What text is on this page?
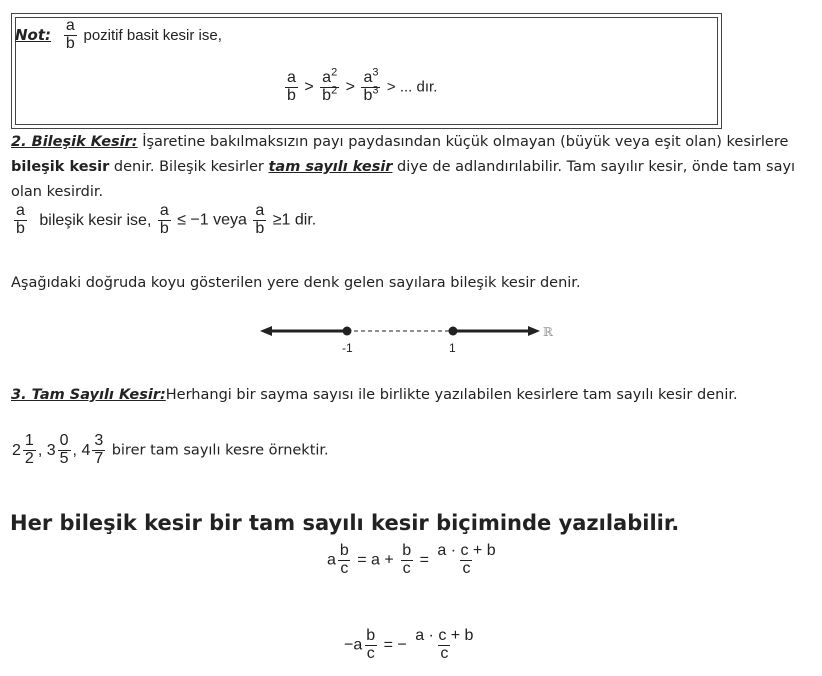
Not: $\frac{a}{b}$ pozitif basit kesir ise,
$\frac{a}{b} > \frac{a^2}{b^2} > \frac{a^3}{b^3}$ > ... dır.
2. Bileşik Kesir: İşaretine bakılmaksızın payı paydasından küçük olmayan (büyük veya eşit olan) kesirlere bileşik kesir denir. Bileşik kesirler tam sayılı kesir diye de adlandırılabilir. Tam sayılır kesir, önde tam sayı olan kesirdir.
$\frac{a}{b}$ bileşik kesir ise, $\frac{a}{b} \le -1$ veya $\frac{a}{b} \ge 1$ dir.
Aşağıdaki doğruda koyu gösterilen yere denk gelen sayılara bileşik kesir denir.
-1	1
ℝ
3. Tam Sayılı Kesir:Herhangi bir sayma sayısı ile birlikte yazılabilen kesirlere tam sayılı kesir denir.
$2 \frac{1}{2}$ , $3 \frac{0}{5}$ , $4 \frac{3}{7}$ birer tam sayılı kesre örnektir.
Her bileşik kesir bir tam sayılı kesir biçiminde yazılabilir.
a $\frac{b}{c} = a + \frac{b}{c} = \frac{a \cdot c + b}{c}$
$-a \frac{b}{c}$ = − $\frac{a \cdot c + b}{c}$
